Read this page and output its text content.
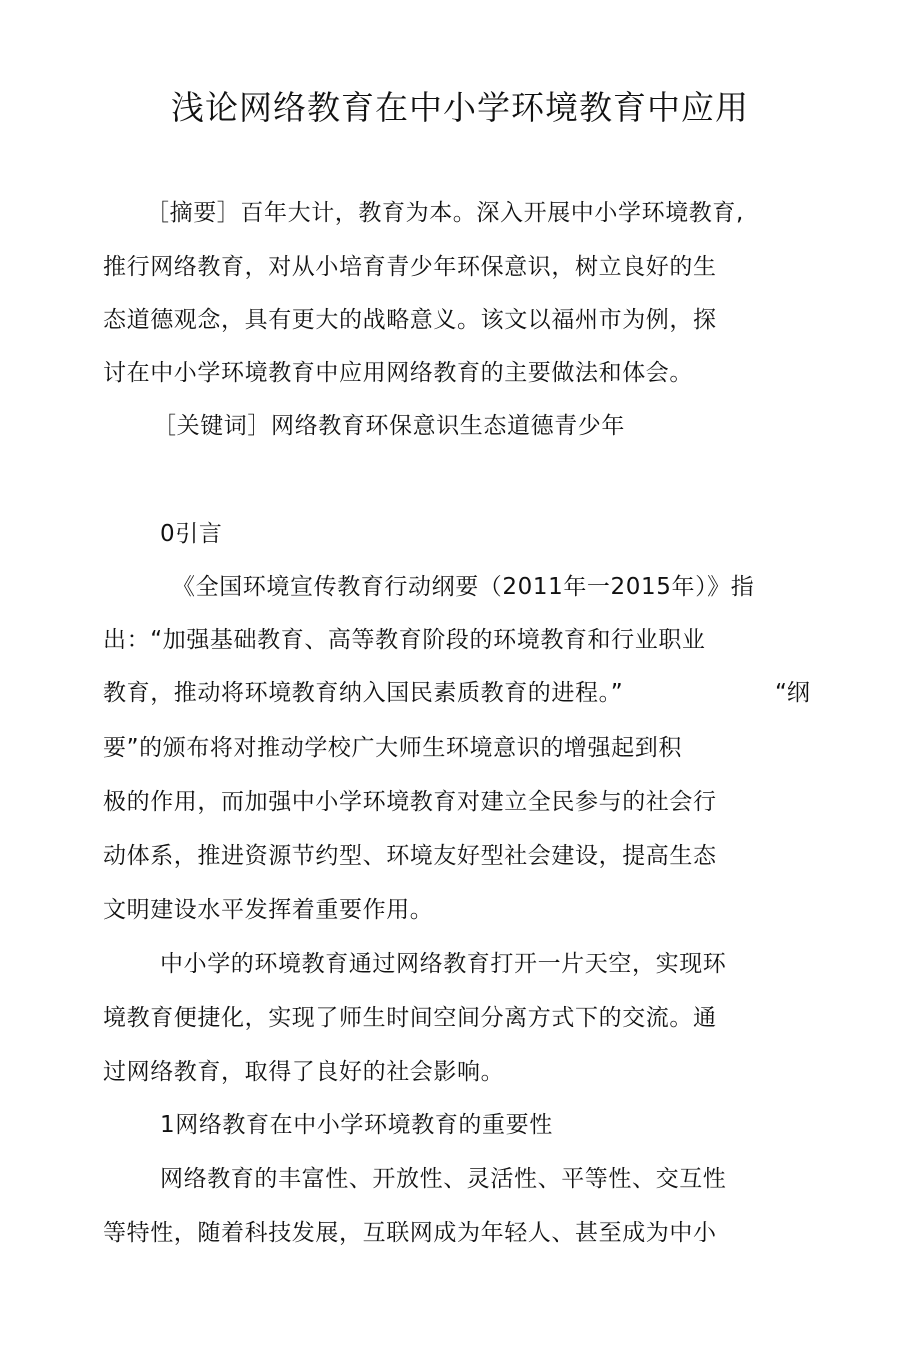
浅论网络教育在中小学环境教育中应用
［摘要］百年大计，教育为本。深入开展中小学环境教育,
推行网络教育，对从小培育青少年环保意识，树立良好的生
态道德观念，具有更大的战略意义。该文以福州市为例，探
讨在中小学环境教育中应用网络教育的主要做法和体会。
［关键词］网络教育环保意识生态道德青少年
0引言
《全国环境宣传教育行动纲要（2011年一2015年）》指
出：“加强基础教育、高等教育阶段的环境教育和行业职业
教育，推动将环境教育纳入国民素质教育的进程。”	“纲
要”的颁布将对推动学校广大师生环境意识的增强起到积
极的作用，而加强中小学环境教育对建立全民参与的社会行
动体系，推进资源节约型、环境友好型社会建设，提高生态
文明建设水平发挥着重要作用。
中小学的环境教育通过网络教育打开一片天空，实现环
境教育便捷化，实现了师生时间空间分离方式下的交流。通
过网络教育，取得了良好的社会影响。
1网络教育在中小学环境教育的重要性
网络教育的丰富性、开放性、灵活性、平等性、交互性
等特性，随着科技发展，互联网成为年轻人、甚至成为中小
